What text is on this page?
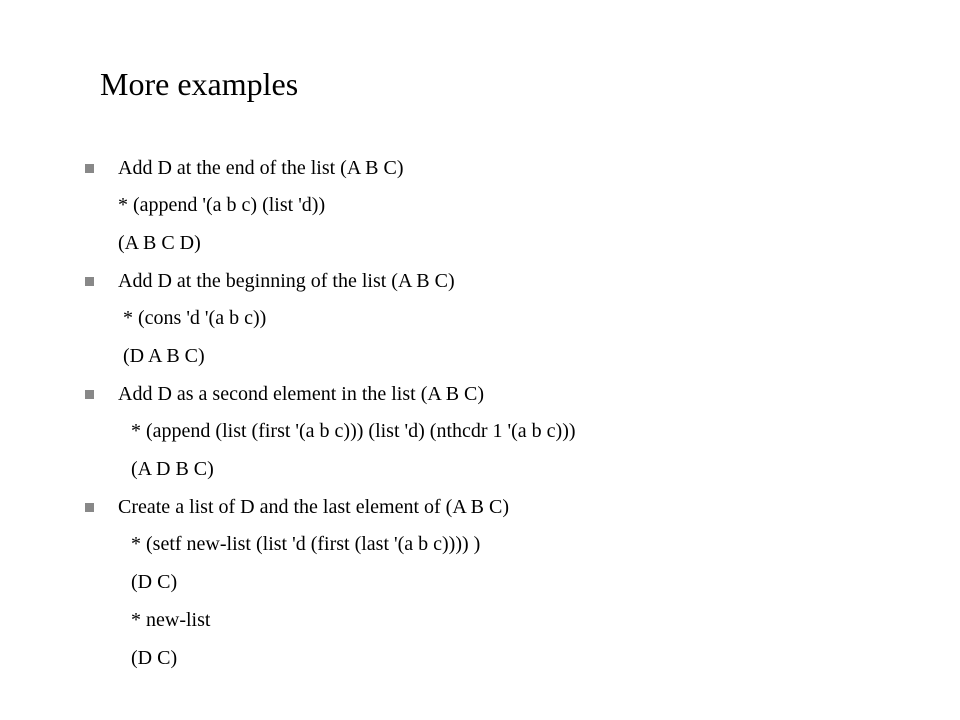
More examples
Add D at the end of the list (A B C)
* (append '(a b c) (list 'd))
(A B C D)
Add D at the beginning of the list (A B C)
* (cons 'd '(a b c))
(D A B C)
Add D as a second element in the list (A B C)
* (append (list (first '(a b c))) (list 'd) (nthcdr 1 '(a b c)))
(A D B C)
Create a list of D and the last element of (A B C)
* (setf new-list (list 'd (first (last '(a b c)))) )
(D C)
* new-list
(D C)
